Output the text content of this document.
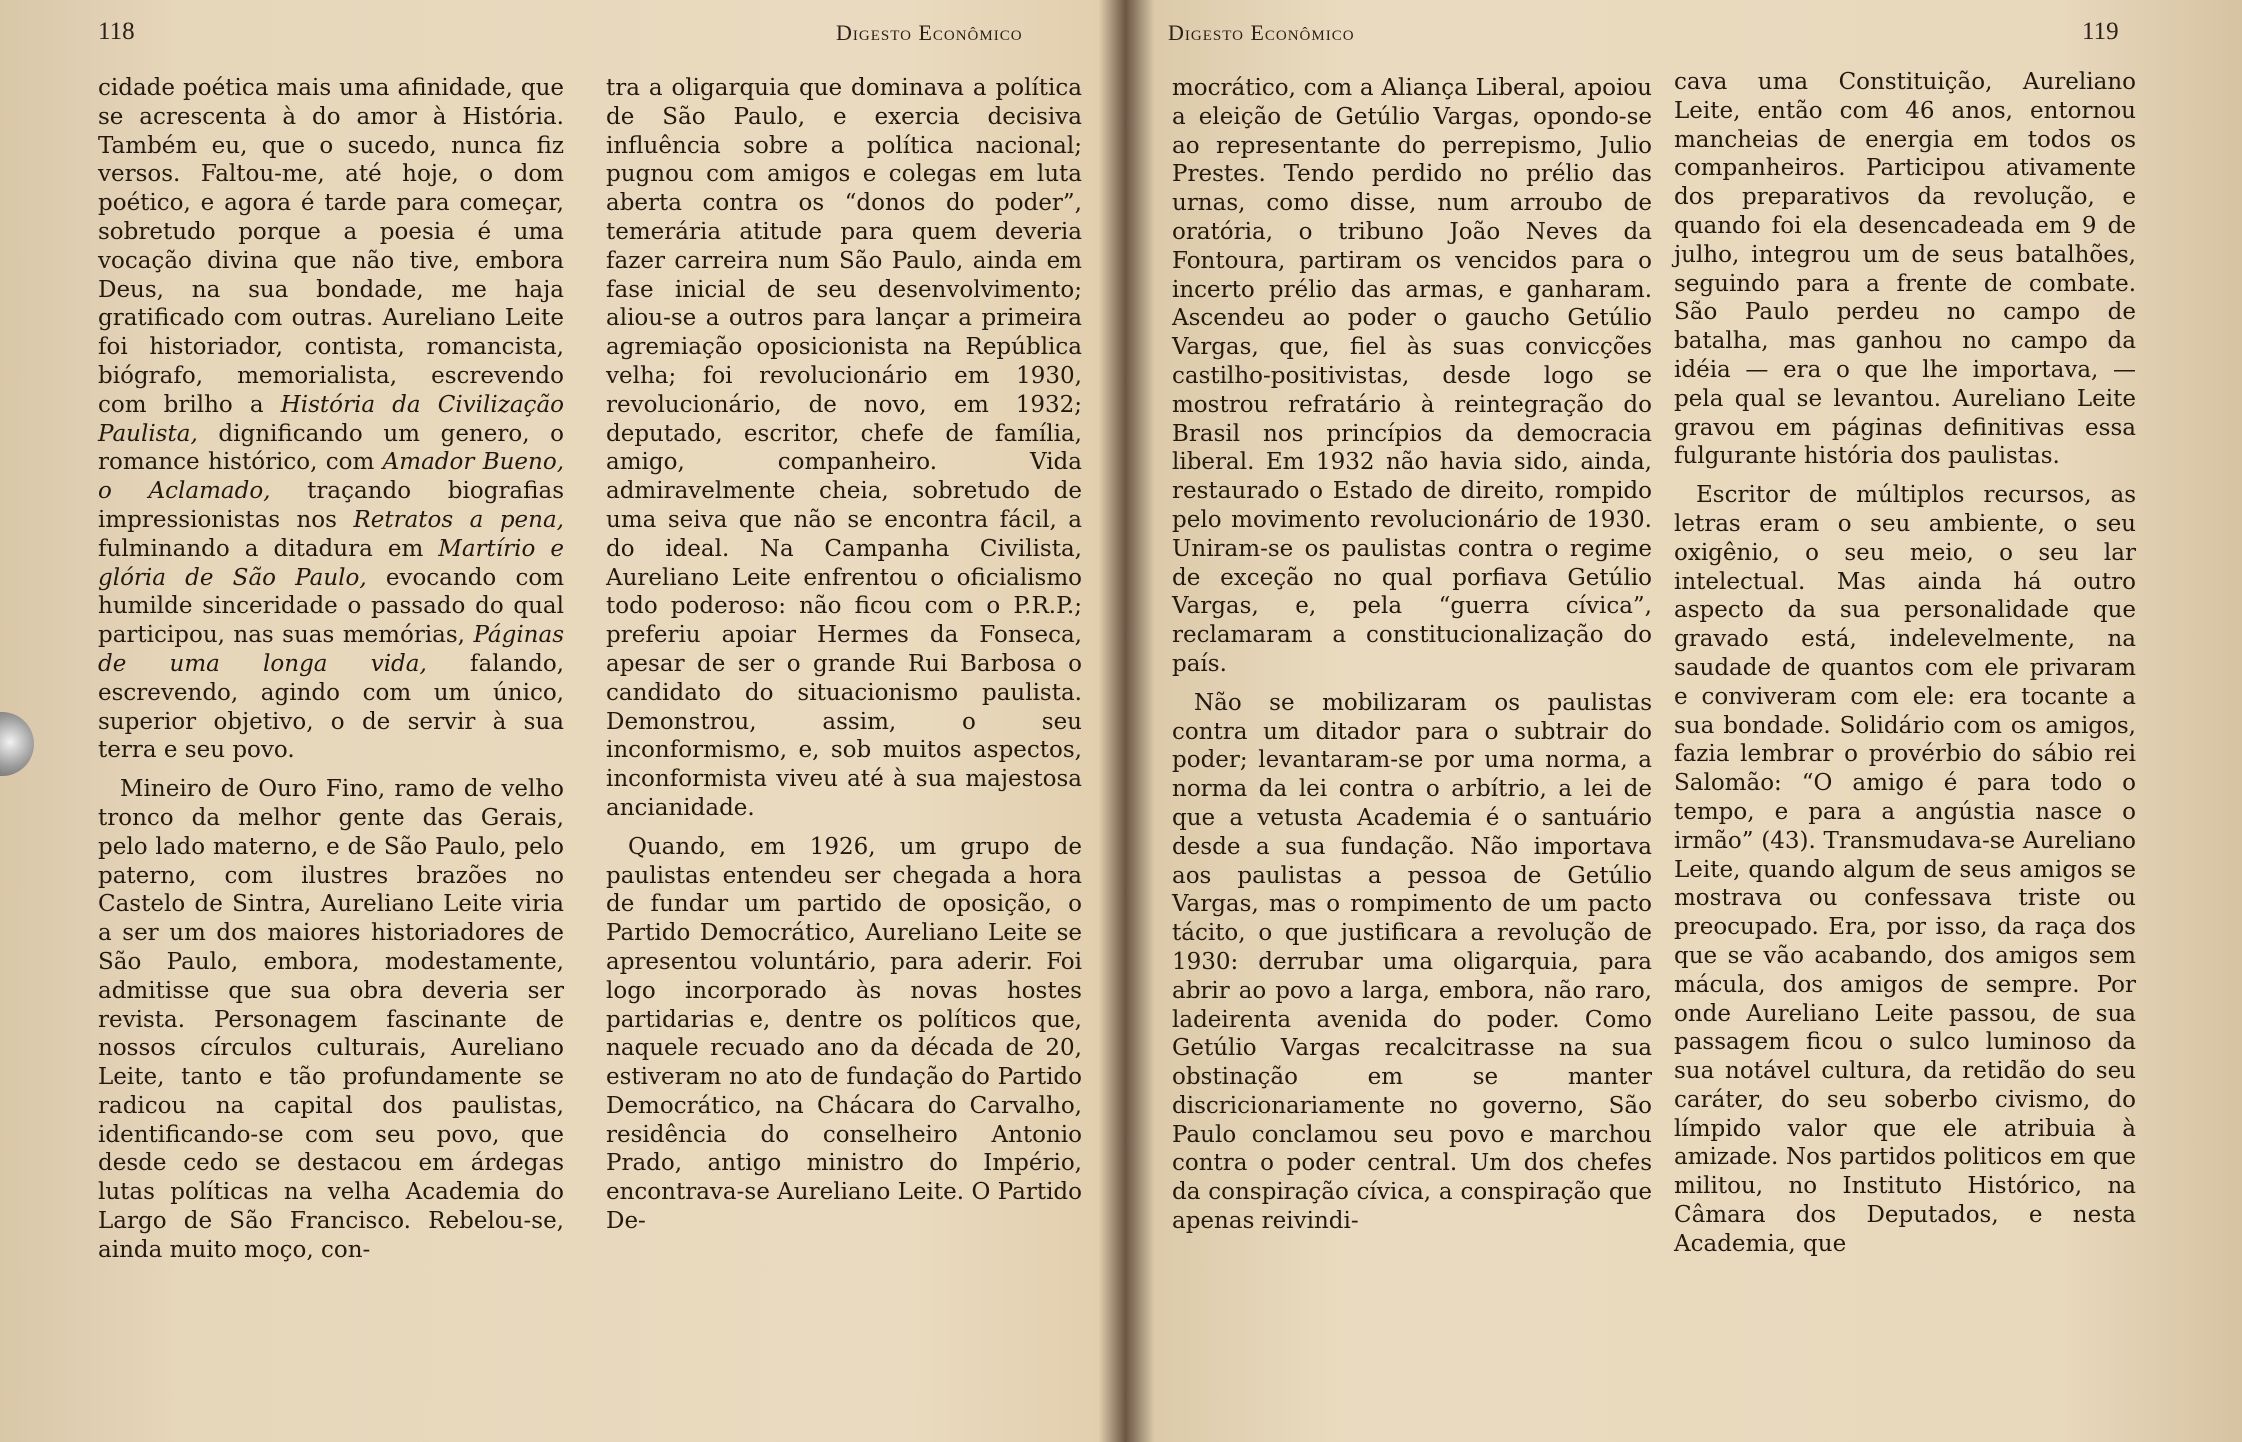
118	Digesto Econômico

cidade poética mais uma afinidade, que se acrescenta à do amor à História. Também eu, que o sucedo, nunca fiz versos. Faltou-me, até hoje, o dom poético, e agora é tarde para começar, sobretudo porque a poesia é uma vocação divina que não tive, embora Deus, na sua bondade, me haja gratificado com outras. Aureliano Leite foi historiador, contista, romancista, biógrafo, memorialista, escrevendo com brilho a História da Civilização Paulista, dignificando um genero, o romance histórico, com Amador Bueno, o Aclamado, traçando biografias impressionistas nos Retratos a pena, fulminando a ditadura em Martírio e glória de São Paulo, evocando com humilde sinceridade o passado do qual participou, nas suas memórias, Páginas de uma longa vida, falando, escrevendo, agindo com um único, superior objetivo, o de servir à sua terra e seu povo.

Mineiro de Ouro Fino, ramo de velho tronco da melhor gente das Gerais, pelo lado materno, e de São Paulo, pelo paterno, com ilustres brazões no Castelo de Sintra, Aureliano Leite viria a ser um dos maiores historiadores de São Paulo, embora, modestamente, admitisse que sua obra deveria ser revista. Personagem fascinante de nossos círculos culturais, Aureliano Leite, tanto e tão profundamente se radicou na capital dos paulistas, identificando-se com seu povo, que desde cedo se destacou em árdegas lutas políticas na velha Academia do Largo de São Francisco. Rebelou-se, ainda muito moço, con-

tra a oligarquia que dominava a política de São Paulo, e exercia decisiva influência sobre a política nacional; pugnou com amigos e colegas em luta aberta contra os “donos do poder”, temerária atitude para quem deveria fazer carreira num São Paulo, ainda em fase inicial de seu desenvolvimento; aliou-se a outros para lançar a primeira agremiação oposicionista na República velha; foi revolucionário em 1930, revolucionário, de novo, em 1932; deputado, escritor, chefe de família, amigo, companheiro. Vida admiravelmente cheia, sobretudo de uma seiva que não se encontra fácil, a do ideal. Na Campanha Civilista, Aureliano Leite enfrentou o oficialismo todo poderoso: não ficou com o P.R.P.; preferiu apoiar Hermes da Fonseca, apesar de ser o grande Rui Barbosa o candidato do situacionismo paulista. Demonstrou, assim, o seu inconformismo, e, sob muitos aspectos, inconformista viveu até à sua majestosa ancianidade.

Quando, em 1926, um grupo de paulistas entendeu ser chegada a hora de fundar um partido de oposição, o Partido Democrático, Aureliano Leite se apresentou voluntário, para aderir. Foi logo incorporado às novas hostes partidarias e, dentre os políticos que, naquele recuado ano da década de 20, estiveram no ato de fundação do Partido Democrático, na Chácara do Carvalho, residência do conselheiro Antonio Prado, antigo ministro do Império, encontrava-se Aureliano Leite. O Partido De-

Digesto Econômico	119

mocrático, com a Aliança Liberal, apoiou a eleição de Getúlio Vargas, opondo-se ao representante do perrepismo, Julio Prestes. Tendo perdido no prélio das urnas, como disse, num arroubo de oratória, o tribuno João Neves da Fontoura, partiram os vencidos para o incerto prélio das armas, e ganharam. Ascendeu ao poder o gaucho Getúlio Vargas, que, fiel às suas convicções castilho-positivistas, desde logo se mostrou refratário à reintegração do Brasil nos princípios da democracia liberal. Em 1932 não havia sido, ainda, restaurado o Estado de direito, rompido pelo movimento revolucionário de 1930. Uniram-se os paulistas contra o regime de exceção no qual porfiava Getúlio Vargas, e, pela “guerra cívica”, reclamaram a constitucionalização do país.

Não se mobilizaram os paulistas contra um ditador para o subtrair do poder; levantaram-se por uma norma, a norma da lei contra o arbítrio, a lei de que a vetusta Academia é o santuário desde a sua fundação. Não importava aos paulistas a pessoa de Getúlio Vargas, mas o rompimento de um pacto tácito, o que justificara a revolução de 1930: derrubar uma oligarquia, para abrir ao povo a larga, embora, não raro, ladeirenta avenida do poder. Como Getúlio Vargas recalcitrasse na sua obstinação em se manter discricionariamente no governo, São Paulo conclamou seu povo e marchou contra o poder central. Um dos chefes da conspiração cívica, a conspiração que apenas reivindi-

cava uma Constituição, Aureliano Leite, então com 46 anos, entornou mancheias de energia em todos os companheiros. Participou ativamente dos preparativos da revolução, e quando foi ela desencadeada em 9 de julho, integrou um de seus batalhões, seguindo para a frente de combate. São Paulo perdeu no campo de batalha, mas ganhou no campo da idéia — era o que lhe importava, — pela qual se levantou. Aureliano Leite gravou em páginas definitivas essa fulgurante história dos paulistas.

Escritor de múltiplos recursos, as letras eram o seu ambiente, o seu oxigênio, o seu meio, o seu lar intelectual. Mas ainda há outro aspecto da sua personalidade que gravado está, indelevelmente, na saudade de quantos com ele privaram e conviveram com ele: era tocante a sua bondade. Solidário com os amigos, fazia lembrar o provérbio do sábio rei Salomão: “O amigo é para todo o tempo, e para a angústia nasce o irmão” (43). Transmudava-se Aureliano Leite, quando algum de seus amigos se mostrava ou confessava triste ou preocupado. Era, por isso, da raça dos que se vão acabando, dos amigos sem mácula, dos amigos de sempre. Por onde Aureliano Leite passou, de sua passagem ficou o sulco luminoso da sua notável cultura, da retidão do seu caráter, do seu soberbo civismo, do límpido valor que ele atribuia à amizade. Nos partidos politicos em que militou, no Instituto Histórico, na Câmara dos Deputados, e nesta Academia, que
